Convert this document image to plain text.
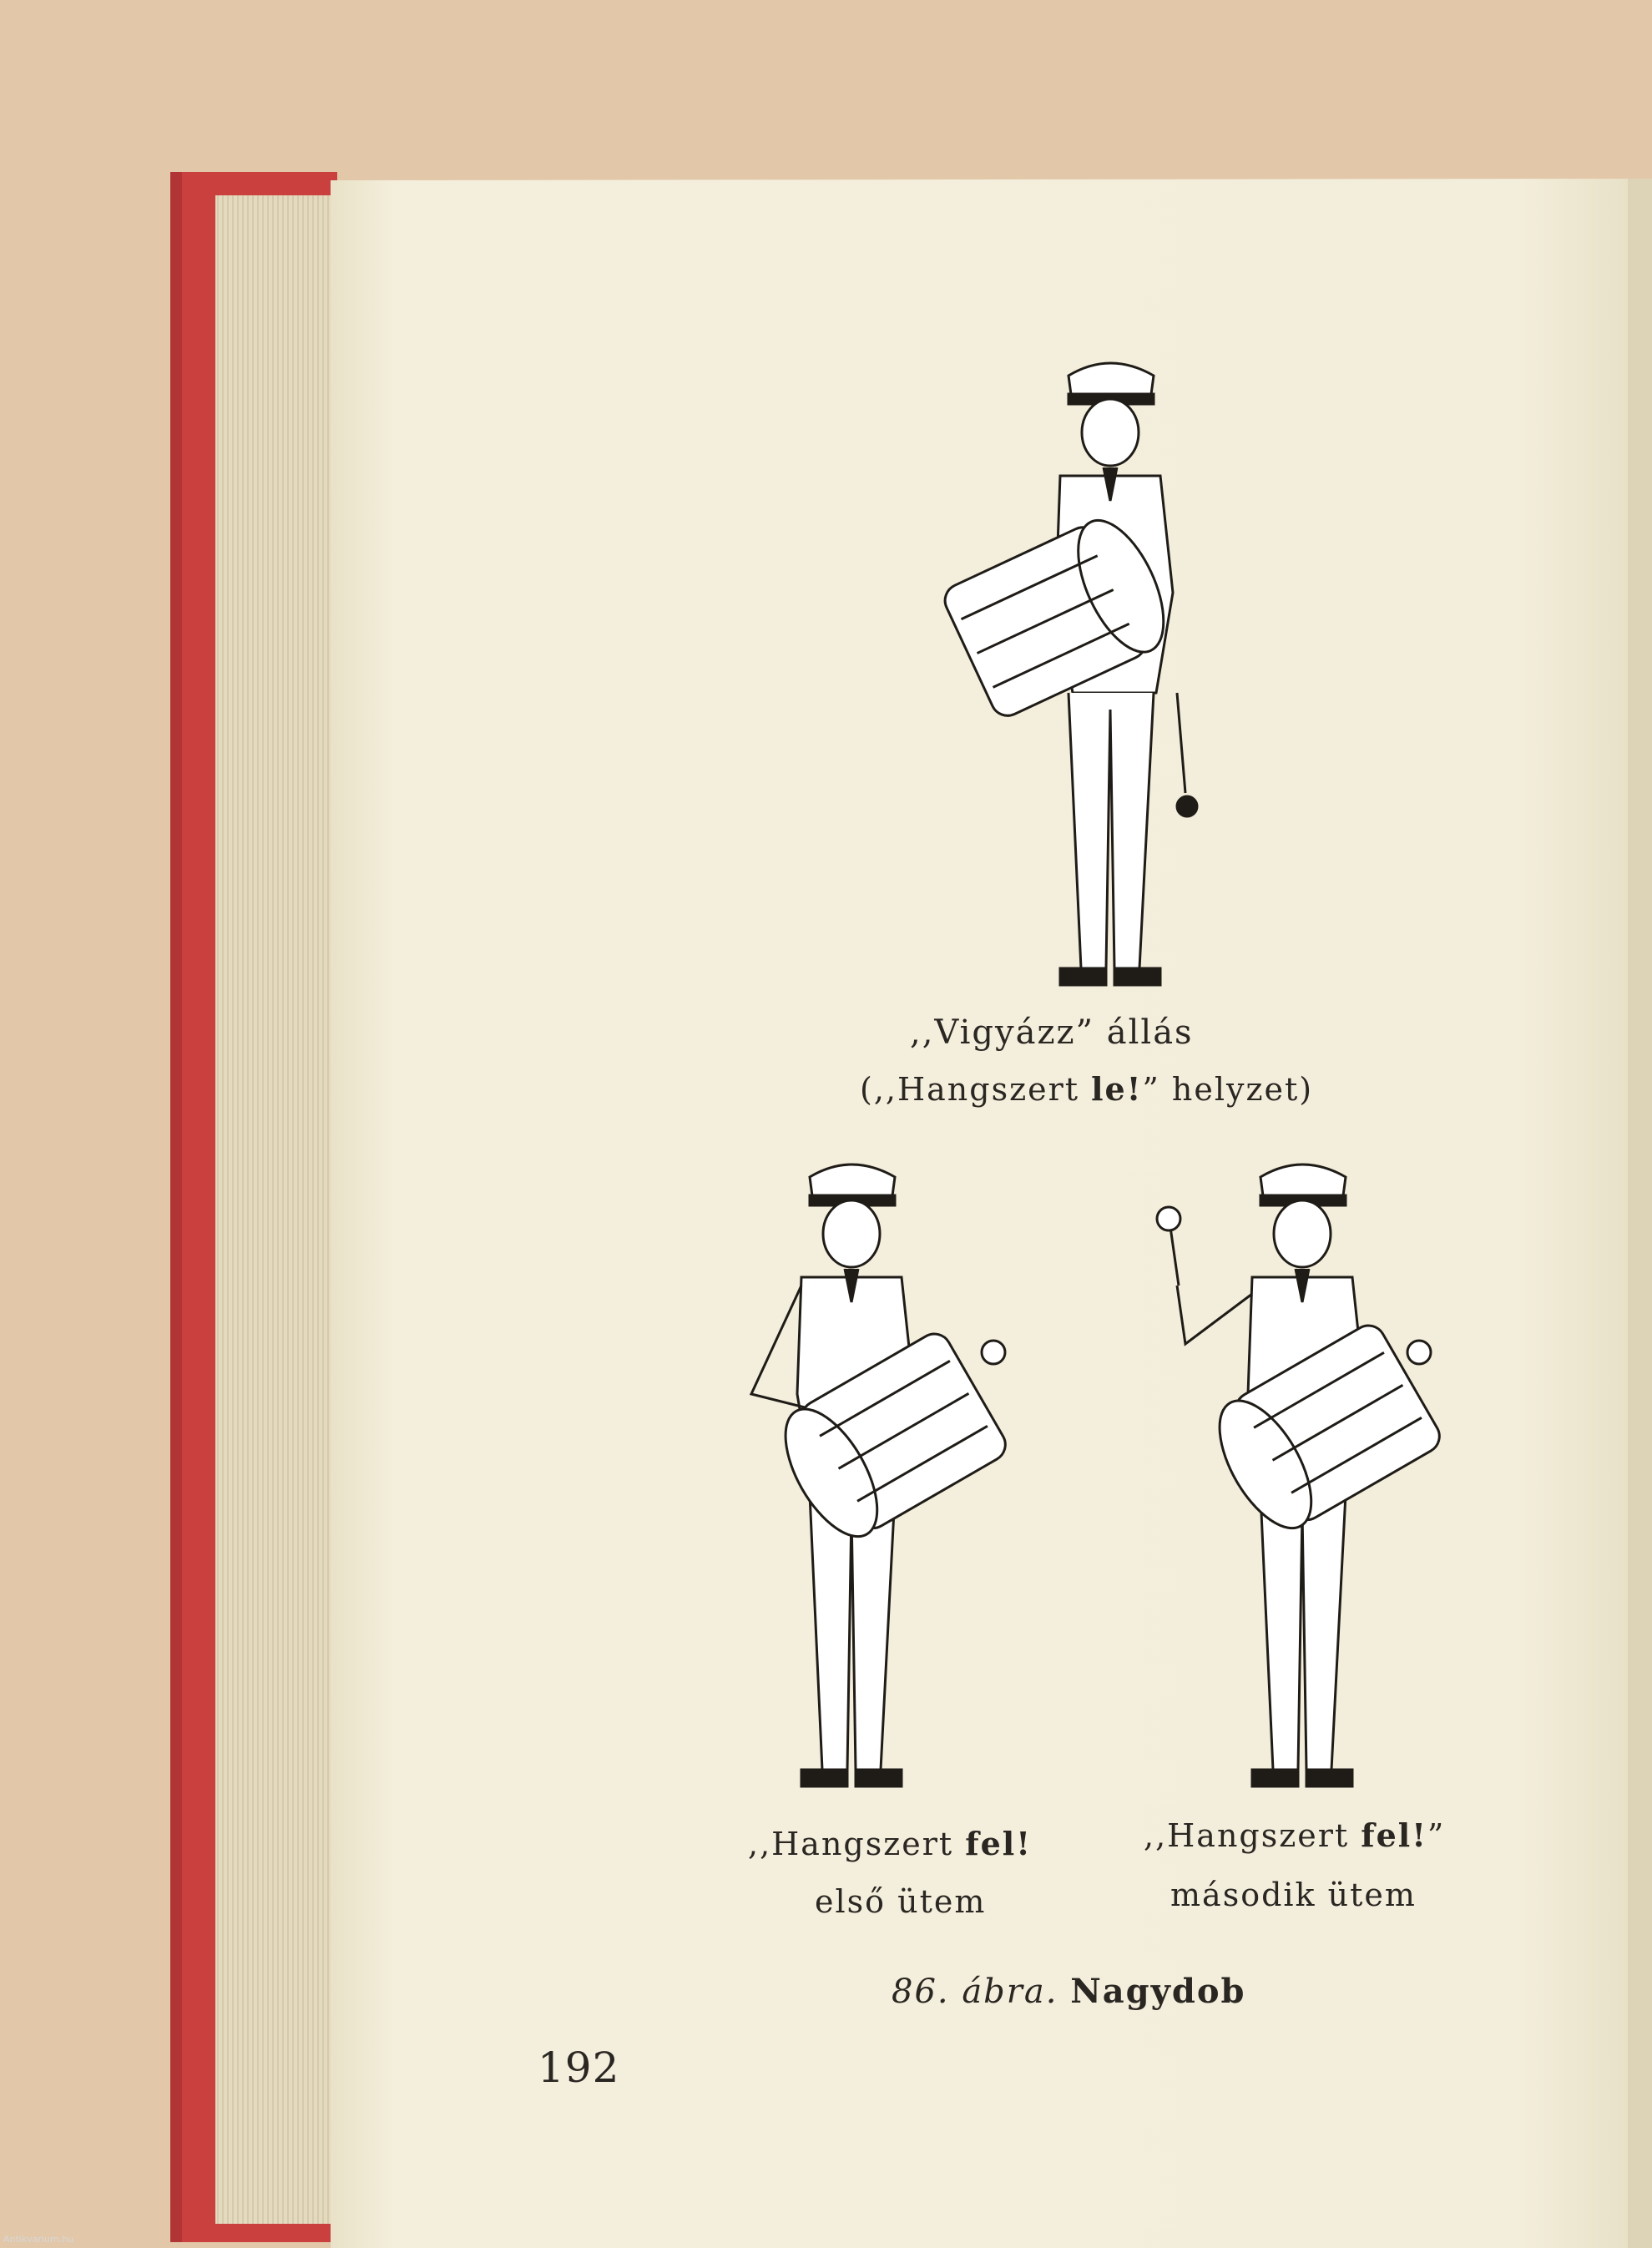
,,Vigyázz” állás
(,,Hangszert le!” helyzet)
,,Hangszert fel!
első ütem
,,Hangszert fel!”
második ütem
86. ábra. Nagydob
192
Antikvarium.hu
